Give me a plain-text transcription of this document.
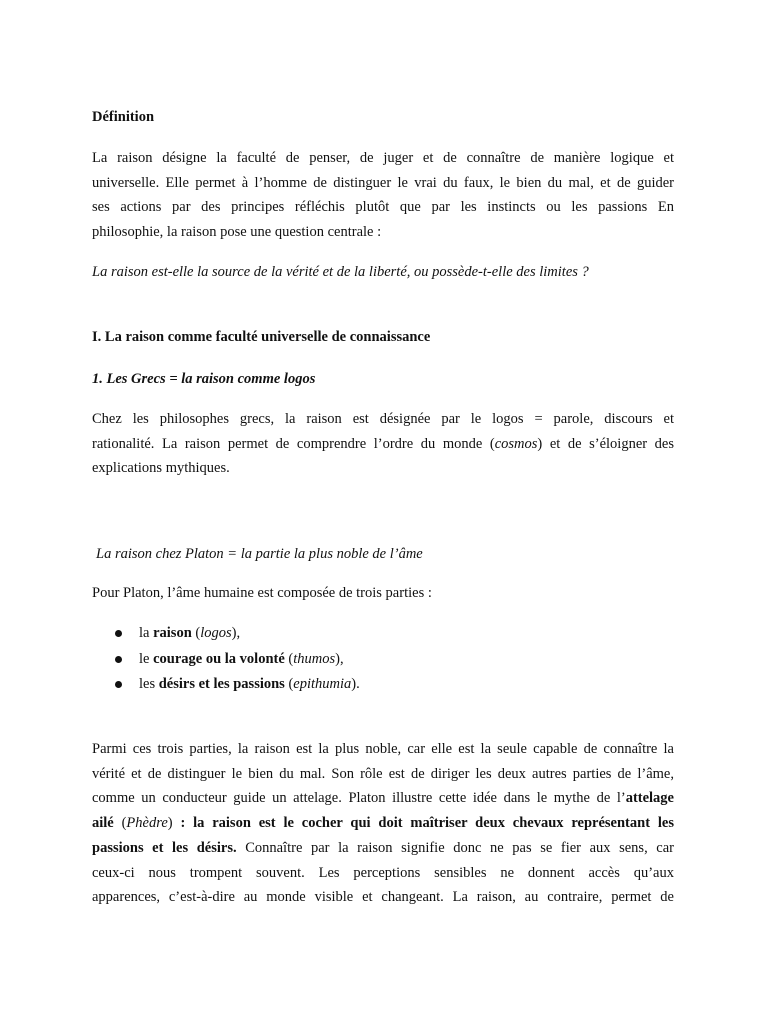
Définition

La raison désigne la faculté de penser, de juger et de connaître de manière logique et
universelle. Elle permet à l’homme de distinguer le vrai du faux, le bien du mal, et de guider
ses actions par des principes réfléchis plutôt que par les instincts ou les passions En
philosophie, la raison pose une question centrale :

La raison est-elle la source de la vérité et de la liberté, ou possède-t-elle des limites ?

I. La raison comme faculté universelle de connaissance

1. Les Grecs = la raison comme logos

Chez les philosophes grecs, la raison est désignée par le logos = parole, discours et
rationalité. La raison permet de comprendre l’ordre du monde (cosmos) et de s’éloigner des
explications mythiques.

La raison chez Platon = la partie la plus noble de l’âme

Pour Platon, l’âme humaine est composée de trois parties :

la raison (logos),
le courage ou la volonté (thumos),
les désirs et les passions (epithumia).
Parmi ces trois parties, la raison est la plus noble, car elle est la seule capable de connaître la
vérité et de distinguer le bien du mal. Son rôle est de diriger les deux autres parties de l’âme,
comme un conducteur guide un attelage. Platon illustre cette idée dans le mythe de l’attelage
ailé (Phèdre) : la raison est le cocher qui doit maîtriser deux chevaux représentant les
passions et les désirs. Connaître par la raison signifie donc ne pas se fier aux sens, car
ceux-ci nous trompent souvent. Les perceptions sensibles ne donnent accès qu’aux
apparences, c’est-à-dire au monde visible et changeant. La raison, au contraire, permet de
